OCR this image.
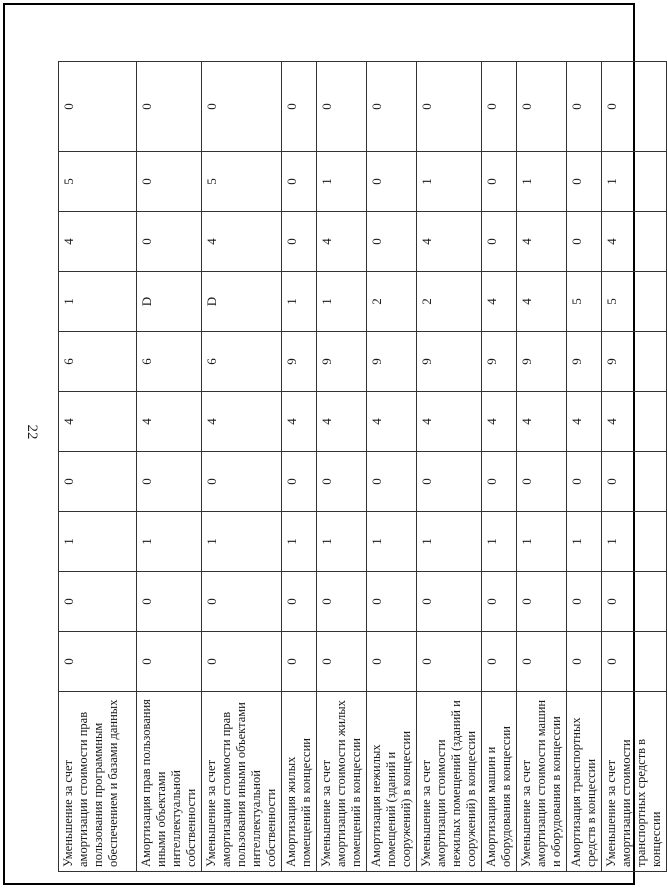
22
Уменьшение за счет амортизации стоимости прав пользования программным обеспечением и базами данных	0	0	1	0	4	6	1	4	5	0
Амортизация прав пользования иными объектами интеллектуальной собственности	0	0	1	0	4	6	D	0	0	0
Уменьшение за счет амортизации стоимости прав пользования иными объектами интеллектуальной собственности	0	0	1	0	4	6	D	4	5	0
Амортизация жилых помещений в концессии	0	0	1	0	4	9	1	0	0	0
Уменьшение за счет амортизации стоимости жилых помещений в концессии	0	0	1	0	4	9	1	4	1	0
Амортизация нежилых помещений (зданий и сооружений) в концессии	0	0	1	0	4	9	2	0	0	0
Уменьшение за счет амортизации стоимости нежилых помещений (зданий и сооружений) в концессии	0	0	1	0	4	9	2	4	1	0
Амортизация машин и оборудования в концессии	0	0	1	0	4	9	4	0	0	0
Уменьшение за счет амортизации стоимости машин и оборудования в концессии	0	0	1	0	4	9	4	4	1	0
Амортизация транспортных средств в концессии	0	0	1	0	4	9	5	0	0	0
Уменьшение за счет амортизации стоимости транспортных средств в концессии	0	0	1	0	4	9	5	4	1	0
